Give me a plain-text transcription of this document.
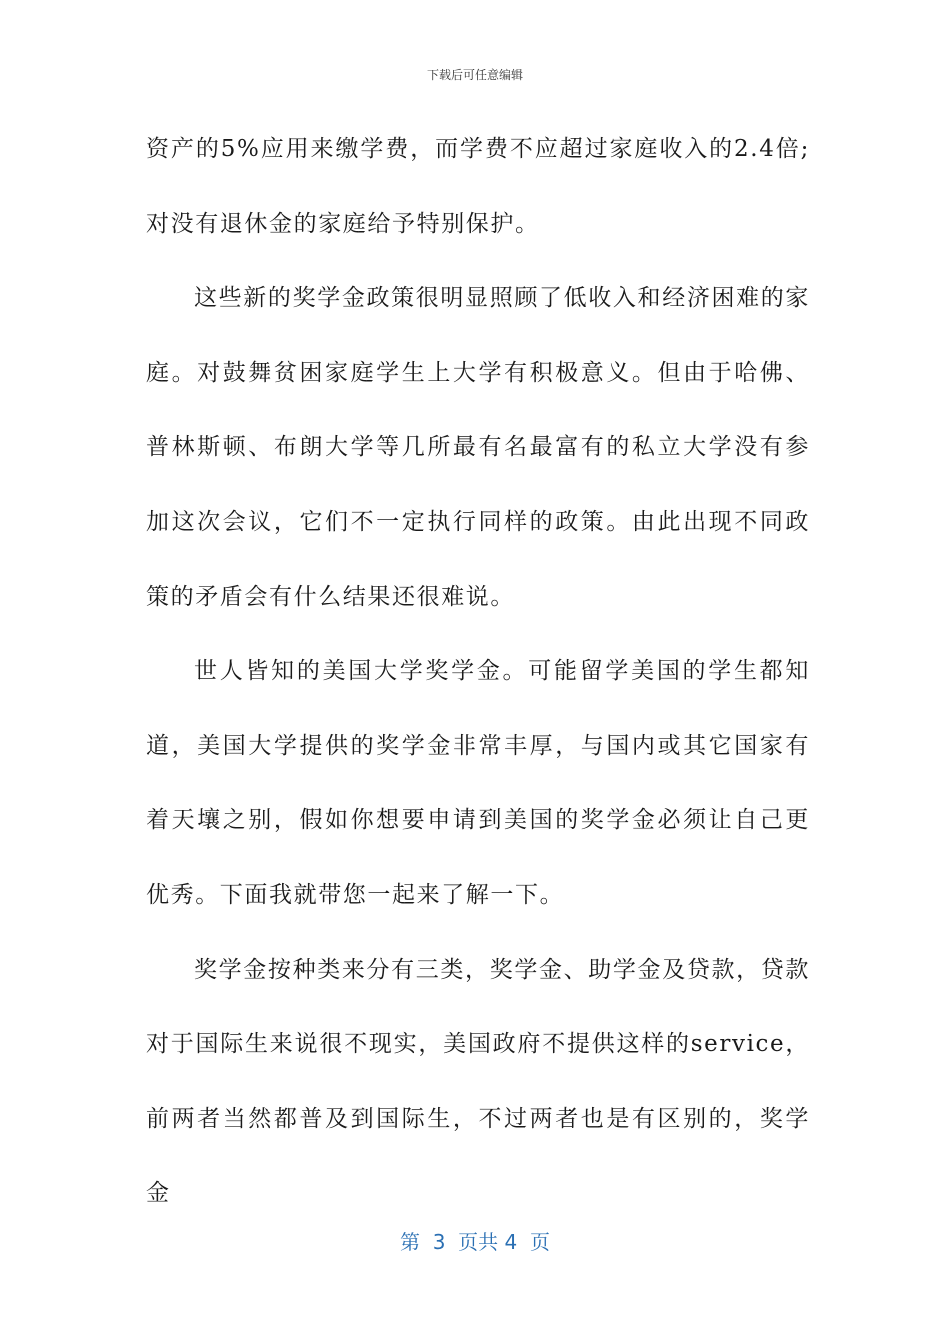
下载后可任意编辑

资产的5%应用来缴学费，而学费不应超过家庭收入的2.4倍;对没有退休金的家庭给予特别保护。

这些新的奖学金政策很明显照顾了低收入和经济困难的家庭。对鼓舞贫困家庭学生上大学有积极意义。但由于哈佛、普林斯顿、布朗大学等几所最有名最富有的私立大学没有参加这次会议，它们不一定执行同样的政策。由此出现不同政策的矛盾会有什么结果还很难说。

世人皆知的美国大学奖学金。可能留学美国的学生都知道，美国大学提供的奖学金非常丰厚，与国内或其它国家有着天壤之别，假如你想要申请到美国的奖学金必须让自己更优秀。下面我就带您一起来了解一下。

奖学金按种类来分有三类，奖学金、助学金及贷款，贷款对于国际生来说很不现实，美国政府不提供这样的service，前两者当然都普及到国际生，不过两者也是有区别的，奖学金

第  3  页共 4  页
